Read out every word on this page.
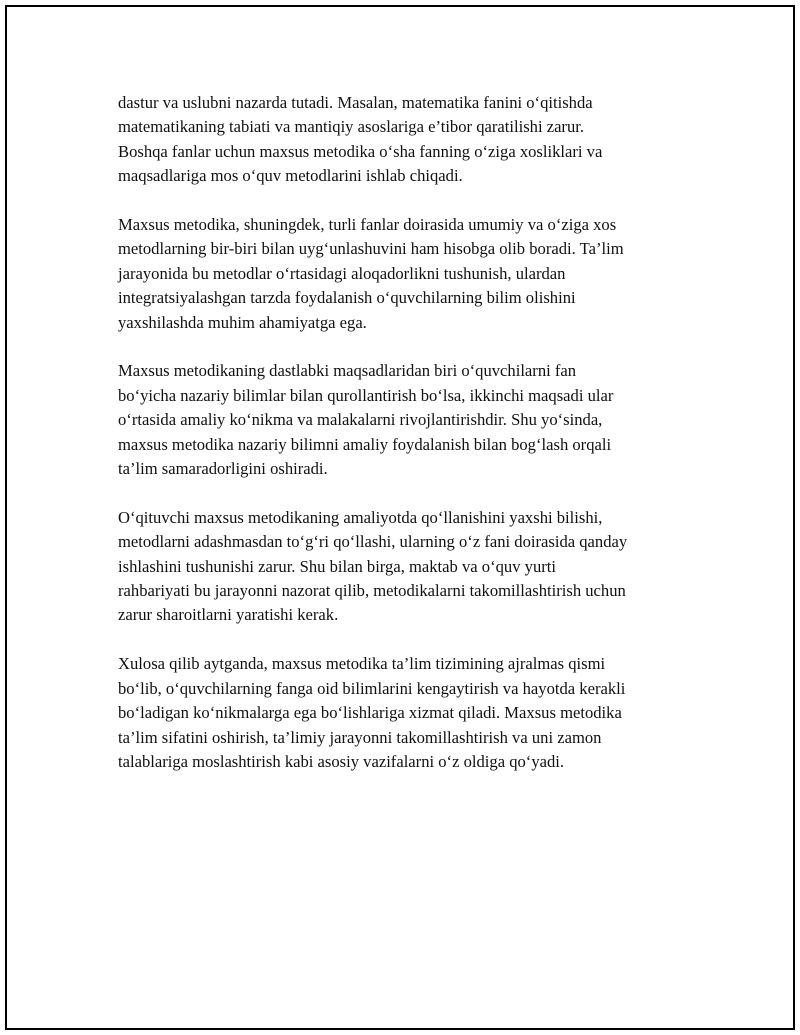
dastur va uslubni nazarda tutadi. Masalan, matematika fanini o‘qitishda
matematikaning tabiati va mantiqiy asoslariga e’tibor qaratilishi zarur.
Boshqa fanlar uchun maxsus metodika o‘sha fanning o‘ziga xosliklari va
maqsadlariga mos o‘quv metodlarini ishlab chiqadi.

Maxsus metodika, shuningdek, turli fanlar doirasida umumiy va o‘ziga xos
metodlarning bir-biri bilan uyg‘unlashuvini ham hisobga olib boradi. Ta’lim
jarayonida bu metodlar o‘rtasidagi aloqadorlikni tushunish, ulardan
integratsiyalashgan tarzda foydalanish o‘quvchilarning bilim olishini
yaxshilashda muhim ahamiyatga ega.

Maxsus metodikaning dastlabki maqsadlaridan biri o‘quvchilarni fan
bo‘yicha nazariy bilimlar bilan qurollantirish bo‘lsa, ikkinchi maqsadi ular
o‘rtasida amaliy ko‘nikma va malakalarni rivojlantirishdir. Shu yo‘sinda,
maxsus metodika nazariy bilimni amaliy foydalanish bilan bog‘lash orqali
ta’lim samaradorligini oshiradi.

O‘qituvchi maxsus metodikaning amaliyotda qo‘llanishini yaxshi bilishi,
metodlarni adashmasdan to‘g‘ri qo‘llashi, ularning o‘z fani doirasida qanday
ishlashini tushunishi zarur. Shu bilan birga, maktab va o‘quv yurti
rahbariyati bu jarayonni nazorat qilib, metodikalarni takomillashtirish uchun
zarur sharoitlarni yaratishi kerak.

Xulosa qilib aytganda, maxsus metodika ta’lim tizimining ajralmas qismi
bo‘lib, o‘quvchilarning fanga oid bilimlarini kengaytirish va hayotda kerakli
bo‘ladigan ko‘nikmalarga ega bo‘lishlariga xizmat qiladi. Maxsus metodika
ta’lim sifatini oshirish, ta’limiy jarayonni takomillashtirish va uni zamon
talablariga moslashtirish kabi asosiy vazifalarni o‘z oldiga qo‘yadi.
